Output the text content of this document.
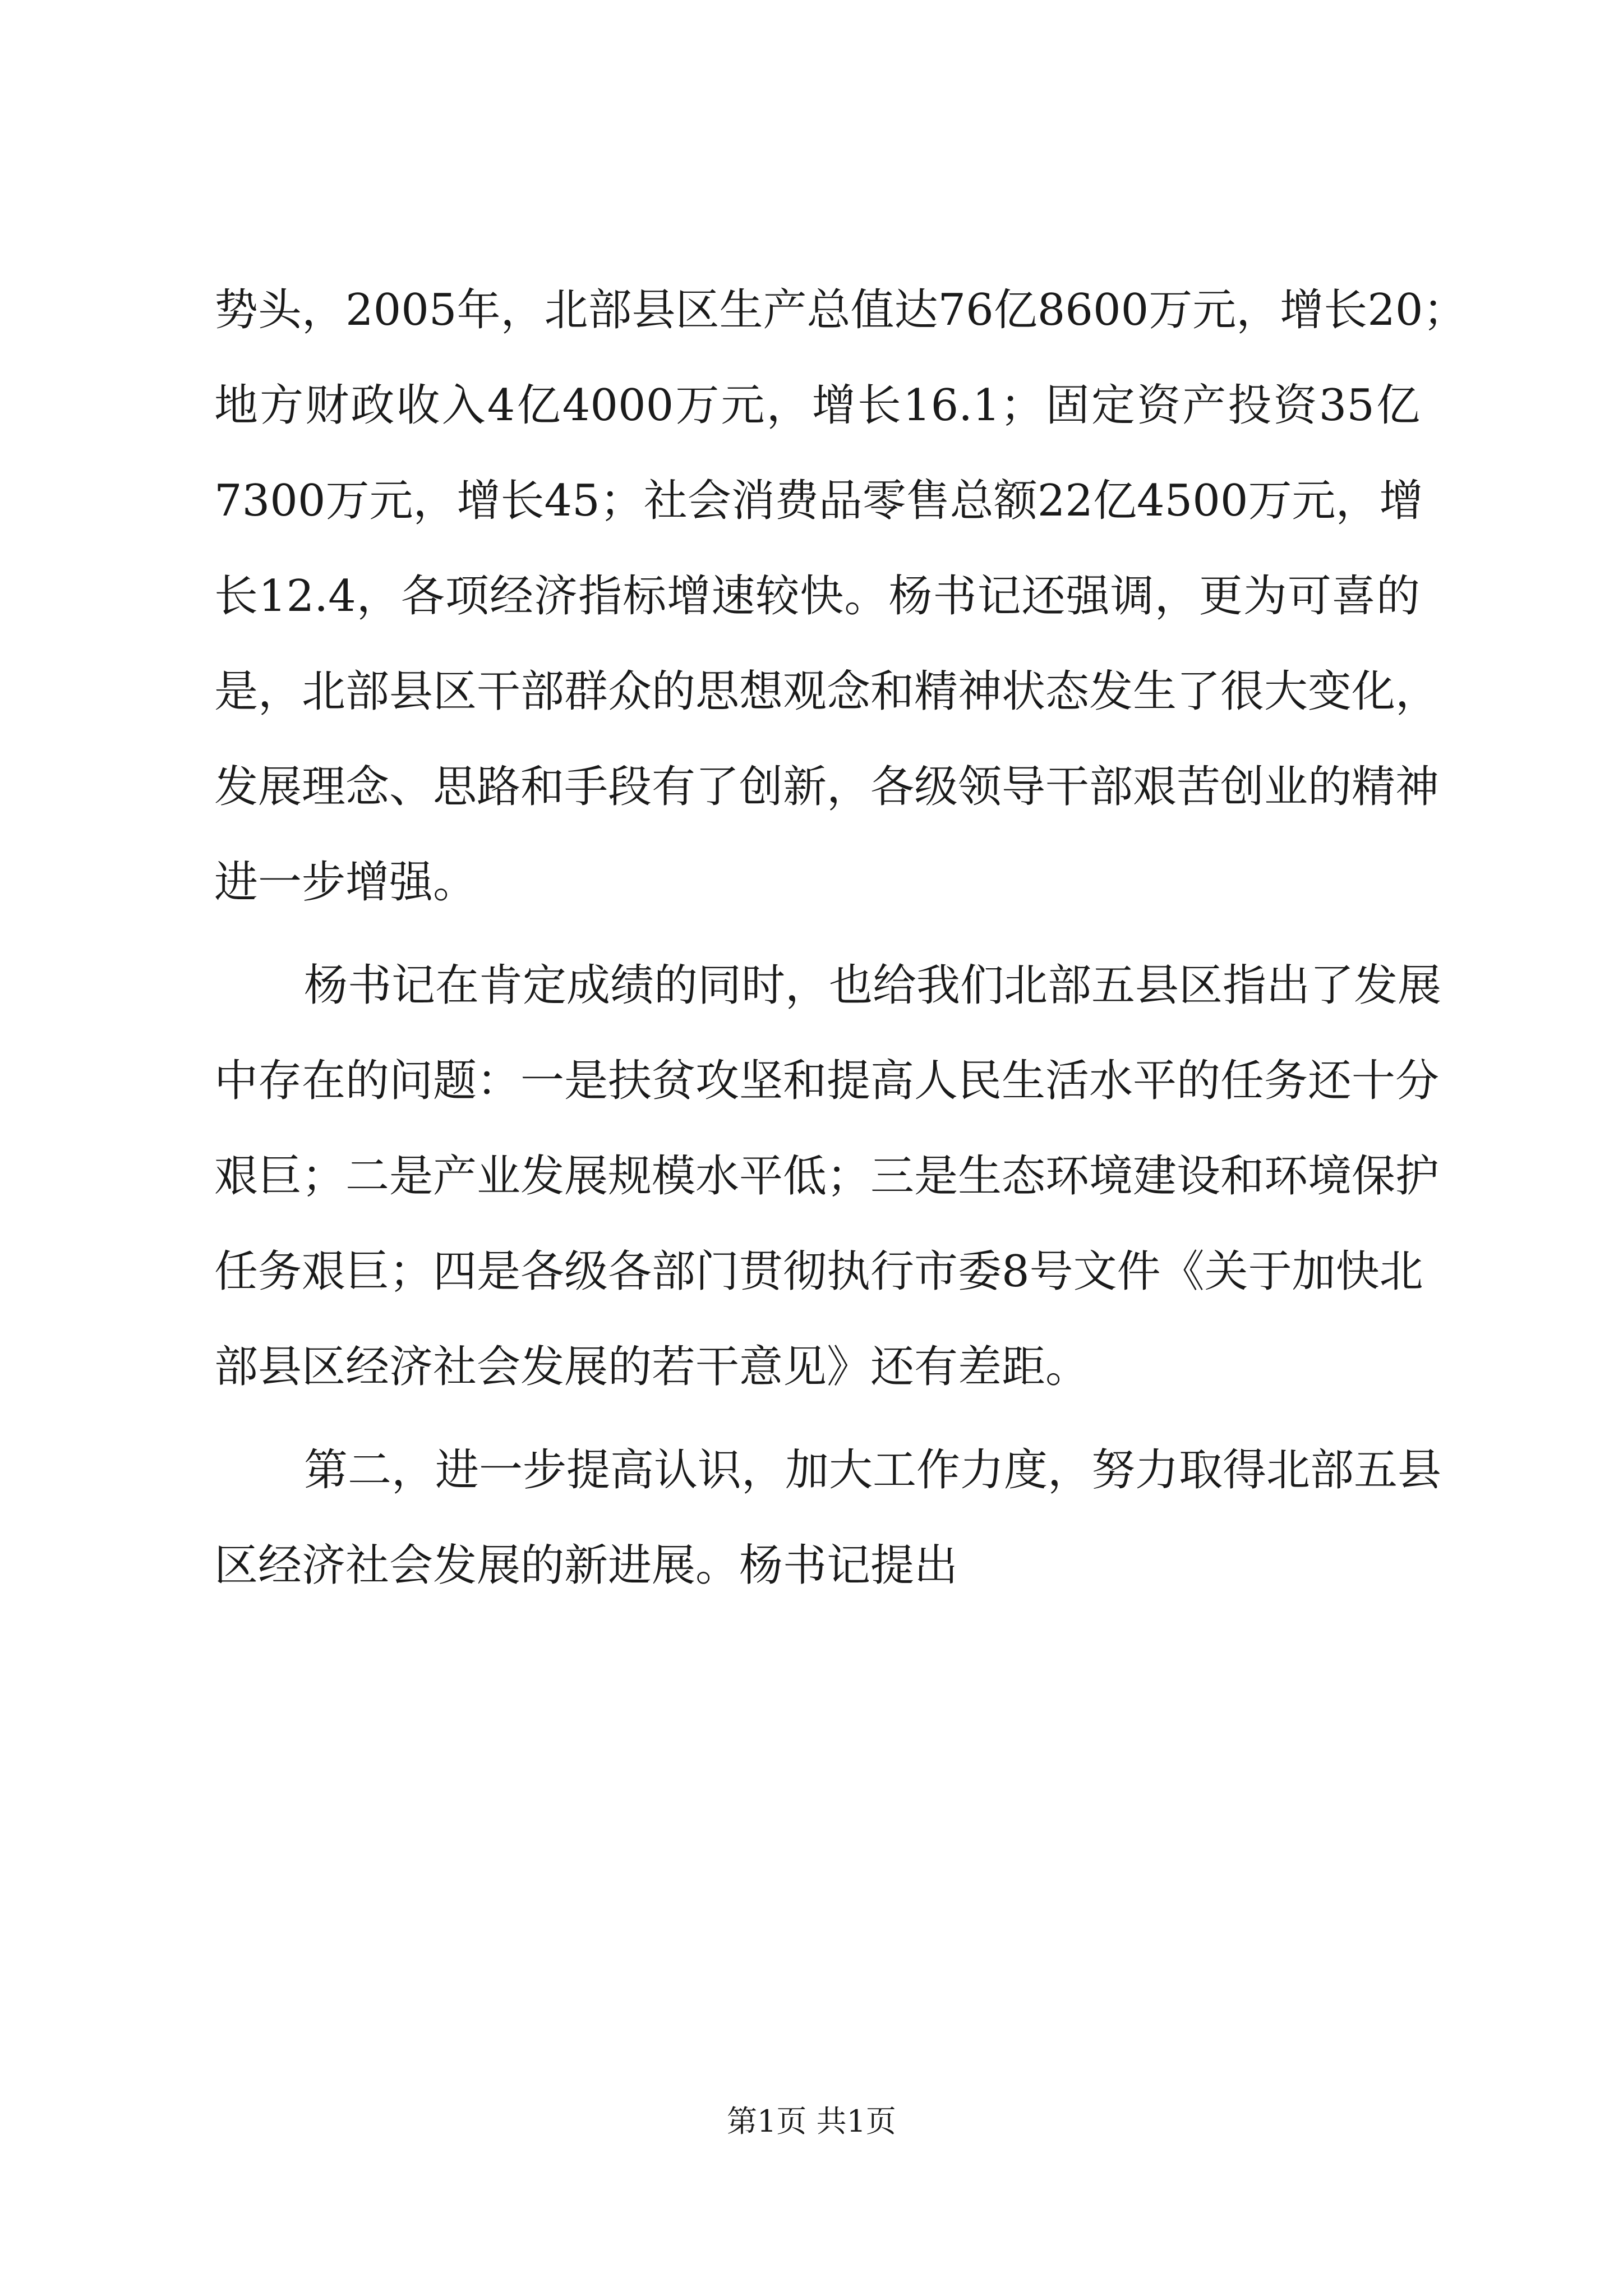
势头，2005年，北部县区生产总值达76亿8600万元，增长20；
地方财政收入4亿4000万元，增长16.1；固定资产投资35亿
7300万元，增长45；社会消费品零售总额22亿4500万元，增
长12.4，各项经济指标增速较快。杨书记还强调，更为可喜的
是，北部县区干部群众的思想观念和精神状态发生了很大变化，
发展理念、思路和手段有了创新，各级领导干部艰苦创业的精神
进一步增强。
杨书记在肯定成绩的同时，也给我们北部五县区指出了发展
中存在的问题：一是扶贫攻坚和提高人民生活水平的任务还十分
艰巨；二是产业发展规模水平低；三是生态环境建设和环境保护
任务艰巨；四是各级各部门贯彻执行市委8号文件《关于加快北
部县区经济社会发展的若干意见》还有差距。
第二，进一步提高认识，加大工作力度，努力取得北部五县
区经济社会发展的新进展。杨书记提出
第1页 共1页
